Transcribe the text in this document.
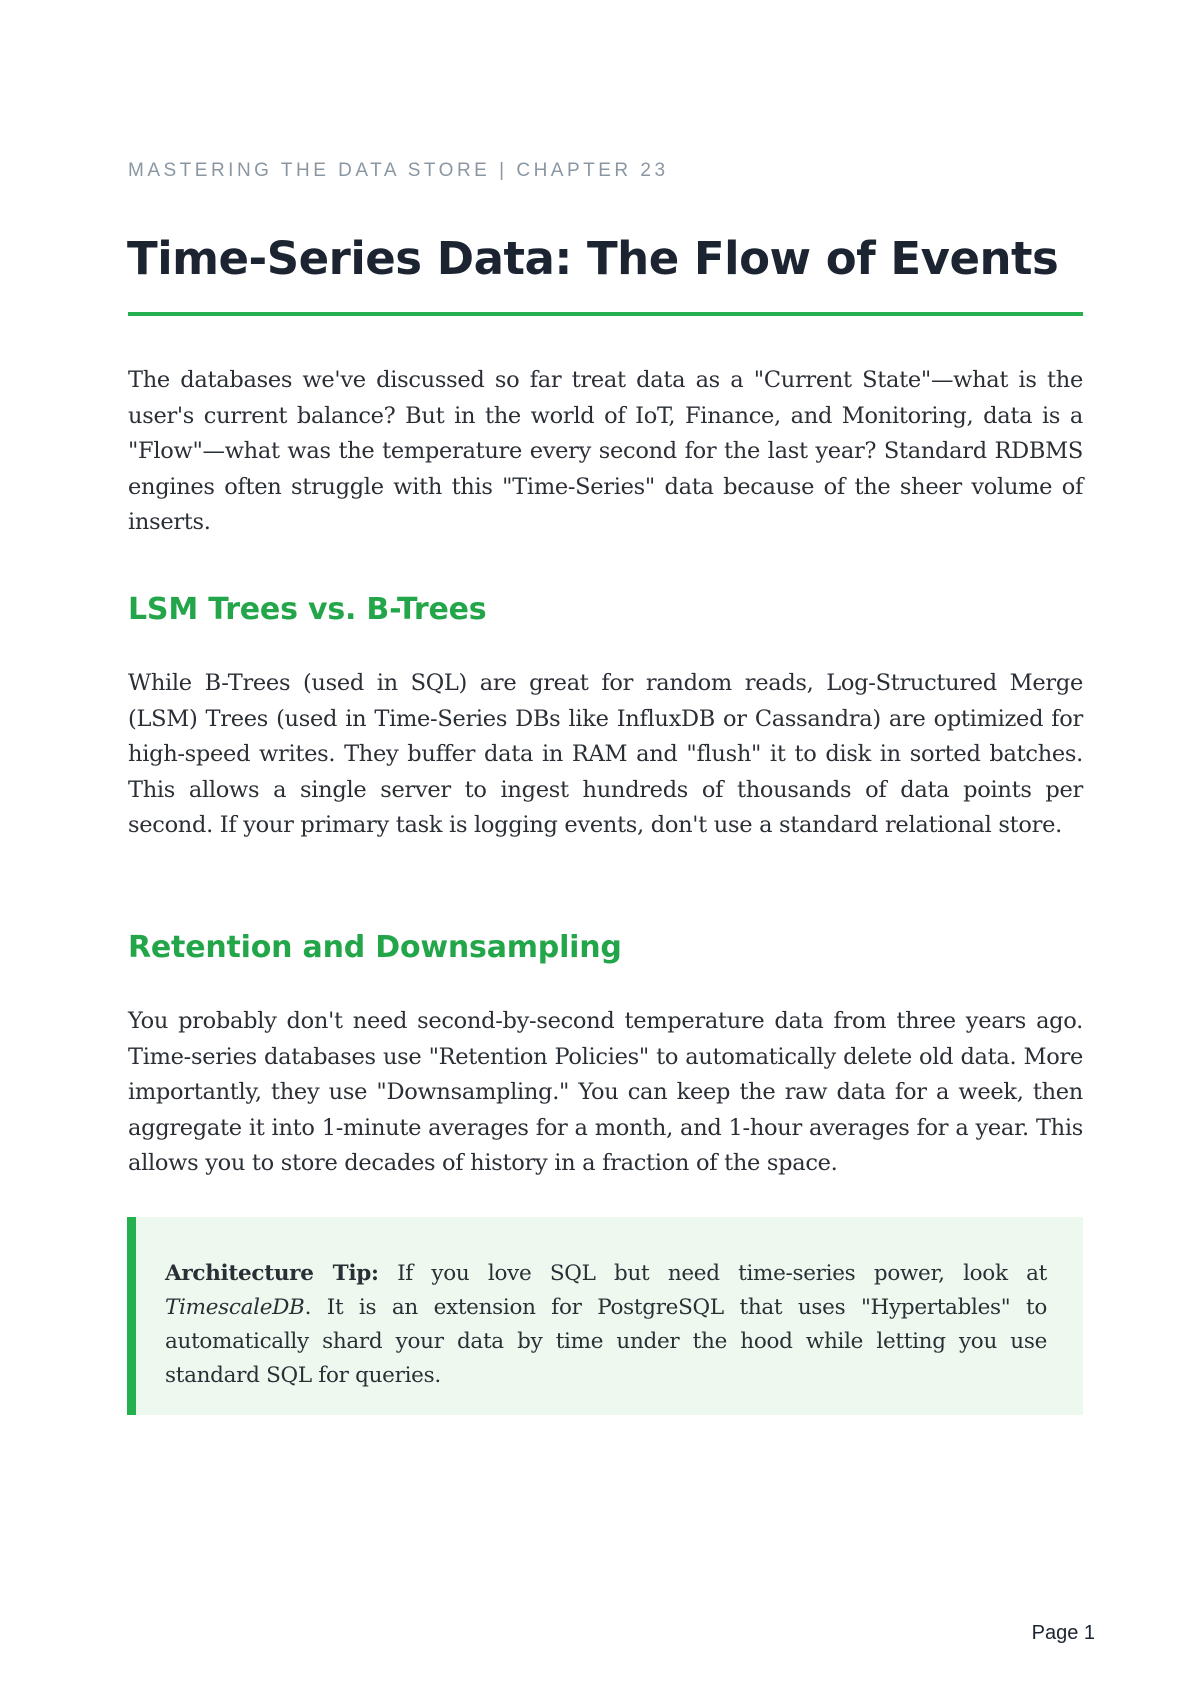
MASTERING THE DATA STORE | CHAPTER 23
Time-Series Data: The Flow of Events

The databases we've discussed so far treat data as a "Current State"—what is the user's current balance? But in the world of IoT, Finance, and Monitoring, data is a "Flow"—what was the temperature every second for the last year? Standard RDBMS engines often struggle with this "Time-Series" data because of the sheer volume of inserts.

LSM Trees vs. B-Trees

While B-Trees (used in SQL) are great for random reads, Log-Structured Merge (LSM) Trees (used in Time-Series DBs like InfluxDB or Cassandra) are optimized for high-speed writes. They buffer data in RAM and "flush" it to disk in sorted batches. This allows a single server to ingest hundreds of thousands of data points per second. If your primary task is logging events, don't use a standard relational store.

Retention and Downsampling

You probably don't need second-by-second temperature data from three years ago. Time-series databases use "Retention Policies" to automatically delete old data. More importantly, they use "Downsampling." You can keep the raw data for a week, then aggregate it into 1-minute averages for a month, and 1-hour averages for a year. This allows you to store decades of history in a fraction of the space.

Architecture Tip: If you love SQL but need time-series power, look at TimescaleDB. It is an extension for PostgreSQL that uses "Hypertables" to automatically shard your data by time under the hood while letting you use standard SQL for queries.

Page 1
